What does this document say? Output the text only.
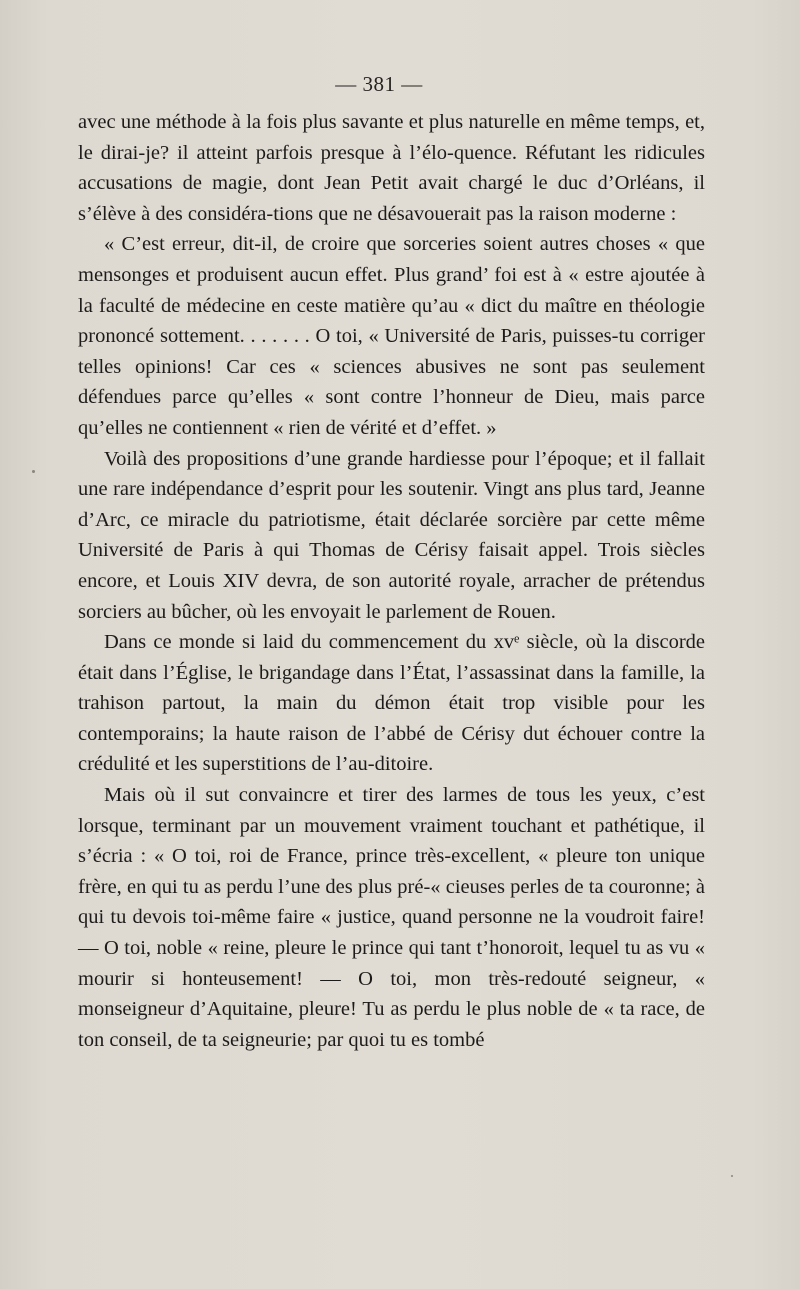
— 381 —

avec une méthode à la fois plus savante et plus naturelle en même temps, et, le dirai-je? il atteint parfois presque à l’élo-quence. Réfutant les ridicules accusations de magie, dont Jean Petit avait chargé le duc d’Orléans, il s’élève à des considéra-tions que ne désavouerait pas la raison moderne :

« C’est erreur, dit-il, de croire que sorceries soient autres choses « que mensonges et produisent aucun effet. Plus grand’ foi est à « estre ajoutée à la faculté de médecine en ceste matière qu’au « dict du maître en théologie prononcé sottement. . . . . . . O toi, « Université de Paris, puisses-tu corriger telles opinions! Car ces « sciences abusives ne sont pas seulement défendues parce qu’elles « sont contre l’honneur de Dieu, mais parce qu’elles ne contiennent « rien de vérité et d’effet. »

Voilà des propositions d’une grande hardiesse pour l’époque; et il fallait une rare indépendance d’esprit pour les soutenir. Vingt ans plus tard, Jeanne d’Arc, ce miracle du patriotisme, était déclarée sorcière par cette même Université de Paris à qui Thomas de Cérisy faisait appel. Trois siècles encore, et Louis XIV devra, de son autorité royale, arracher de prétendus sorciers au bûcher, où les envoyait le parlement de Rouen.

Dans ce monde si laid du commencement du xvᵉ siècle, où la discorde était dans l’Église, le brigandage dans l’État, l’assassinat dans la famille, la trahison partout, la main du démon était trop visible pour les contemporains; la haute raison de l’abbé de Cérisy dut échouer contre la crédulité et les superstitions de l’au-ditoire.

Mais où il sut convaincre et tirer des larmes de tous les yeux, c’est lorsque, terminant par un mouvement vraiment touchant et pathétique, il s’écria : « O toi, roi de France, prince très-excellent, « pleure ton unique frère, en qui tu as perdu l’une des plus pré-« cieuses perles de ta couronne; à qui tu devois toi-même faire « justice, quand personne ne la voudroit faire! — O toi, noble « reine, pleure le prince qui tant t’honoroit, lequel tu as vu « mourir si honteusement! — O toi, mon très-redouté seigneur, « monseigneur d’Aquitaine, pleure! Tu as perdu le plus noble de « ta race, de ton conseil, de ta seigneurie; par quoi tu es tombé
